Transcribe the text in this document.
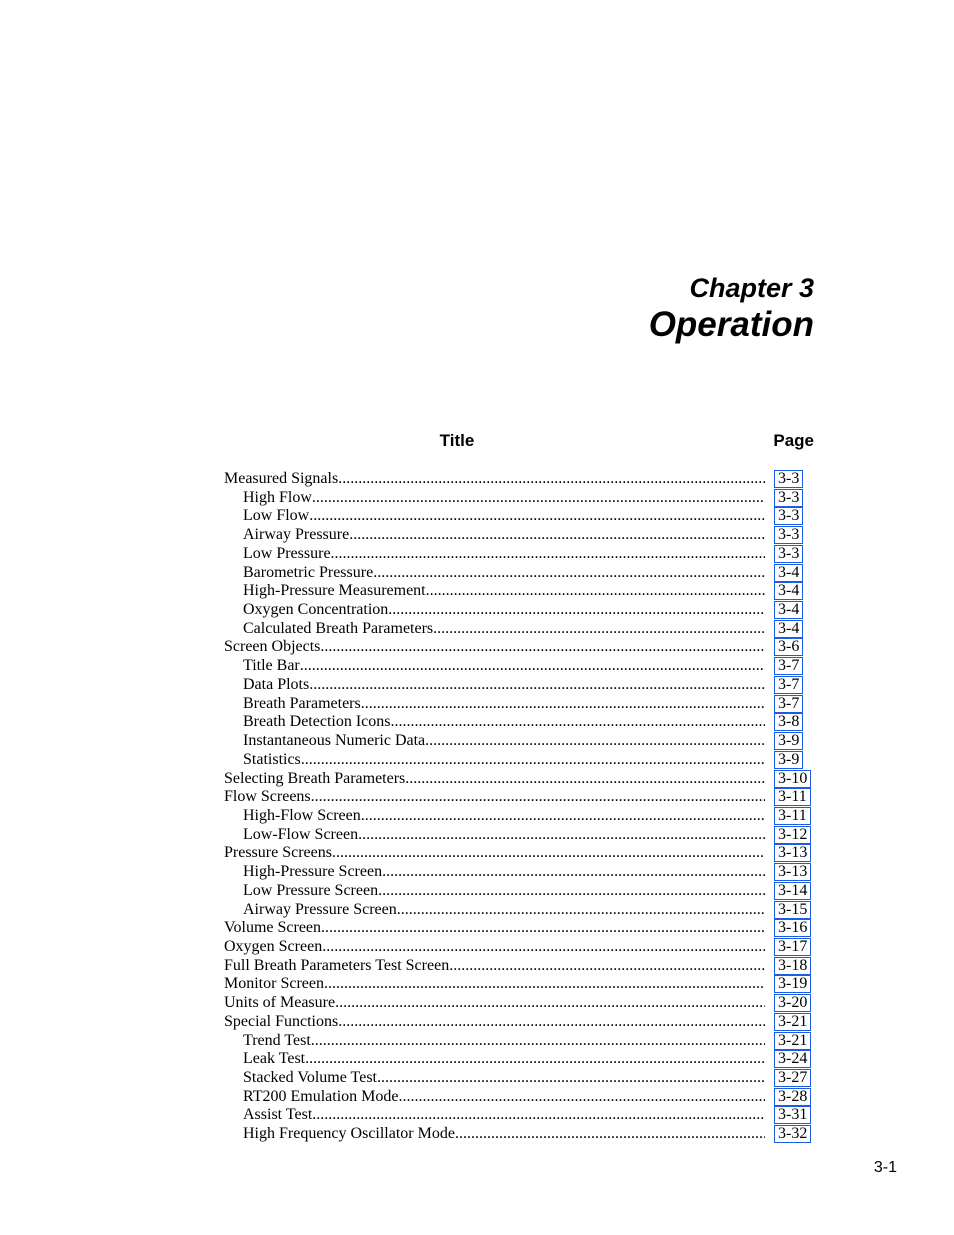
Chapter 3
Operation
Title	Page
Measured Signals .....	3-3
High Flow .....	3-3
Low Flow .....	3-3
Airway Pressure .....	3-3
Low Pressure .....	3-3
Barometric Pressure .....	3-4
High-Pressure Measurement .....	3-4
Oxygen Concentration .....	3-4
Calculated Breath Parameters .....	3-4
Screen Objects .....	3-6
Title Bar .....	3-7
Data Plots .....	3-7
Breath Parameters .....	3-7
Breath Detection Icons .....	3-8
Instantaneous Numeric Data .....	3-9
Statistics .....	3-9
Selecting Breath Parameters .....	3-10
Flow Screens .....	3-11
High-Flow Screen .....	3-11
Low-Flow Screen .....	3-12
Pressure Screens .....	3-13
High-Pressure Screen .....	3-13
Low Pressure Screen .....	3-14
Airway Pressure Screen .....	3-15
Volume Screen .....	3-16
Oxygen Screen .....	3-17
Full Breath Parameters Test Screen .....	3-18
Monitor Screen .....	3-19
Units of Measure .....	3-20
Special Functions .....	3-21
Trend Test .....	3-21
Leak Test .....	3-24
Stacked Volume Test .....	3-27
RT200 Emulation Mode .....	3-28
Assist Test .....	3-31
High Frequency Oscillator Mode .....	3-32
3-1
